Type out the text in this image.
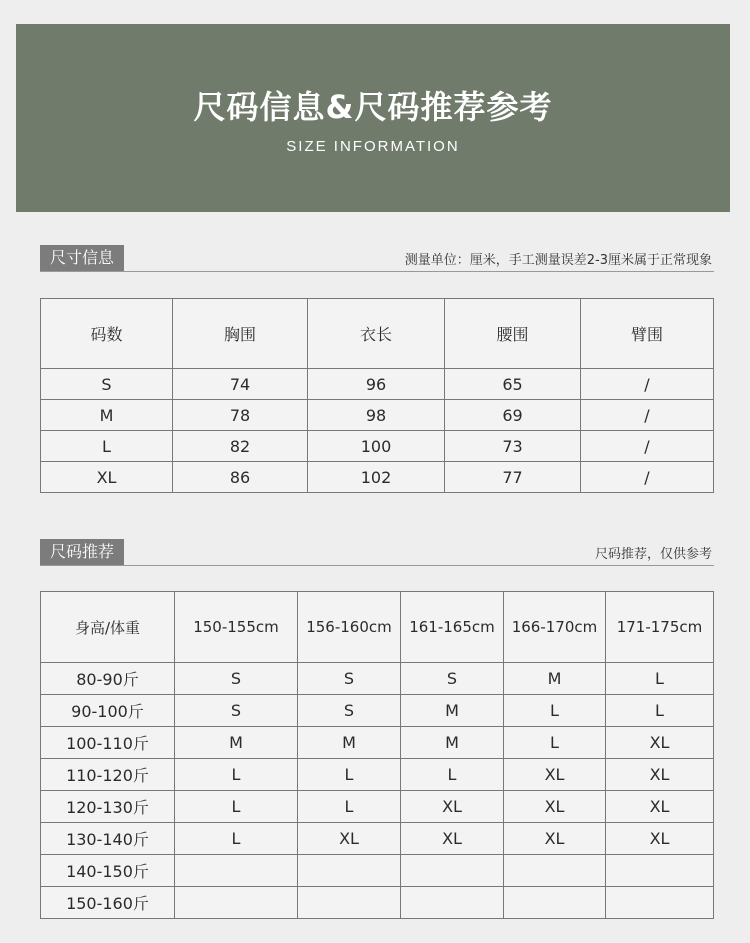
尺码信息&尺码推荐参考
SIZE INFORMATION
尺寸信息	测量单位：厘米，手工测量误差2-3厘米属于正常现象
码数	胸围	衣长	腰围	臂围
S	74	96	65	/
M	78	98	69	/
L	82	100	73	/
XL	86	102	77	/
尺码推荐	尺码推荐，仅供参考
身高/体重	150-155cm	156-160cm	161-165cm	166-170cm	171-175cm
80-90斤	S	S	S	M	L
90-100斤	S	S	M	L	L
100-110斤	M	M	M	L	XL
110-120斤	L	L	L	XL	XL
120-130斤	L	L	XL	XL	XL
130-140斤	L	XL	XL	XL	XL
140-150斤					
150-160斤					
